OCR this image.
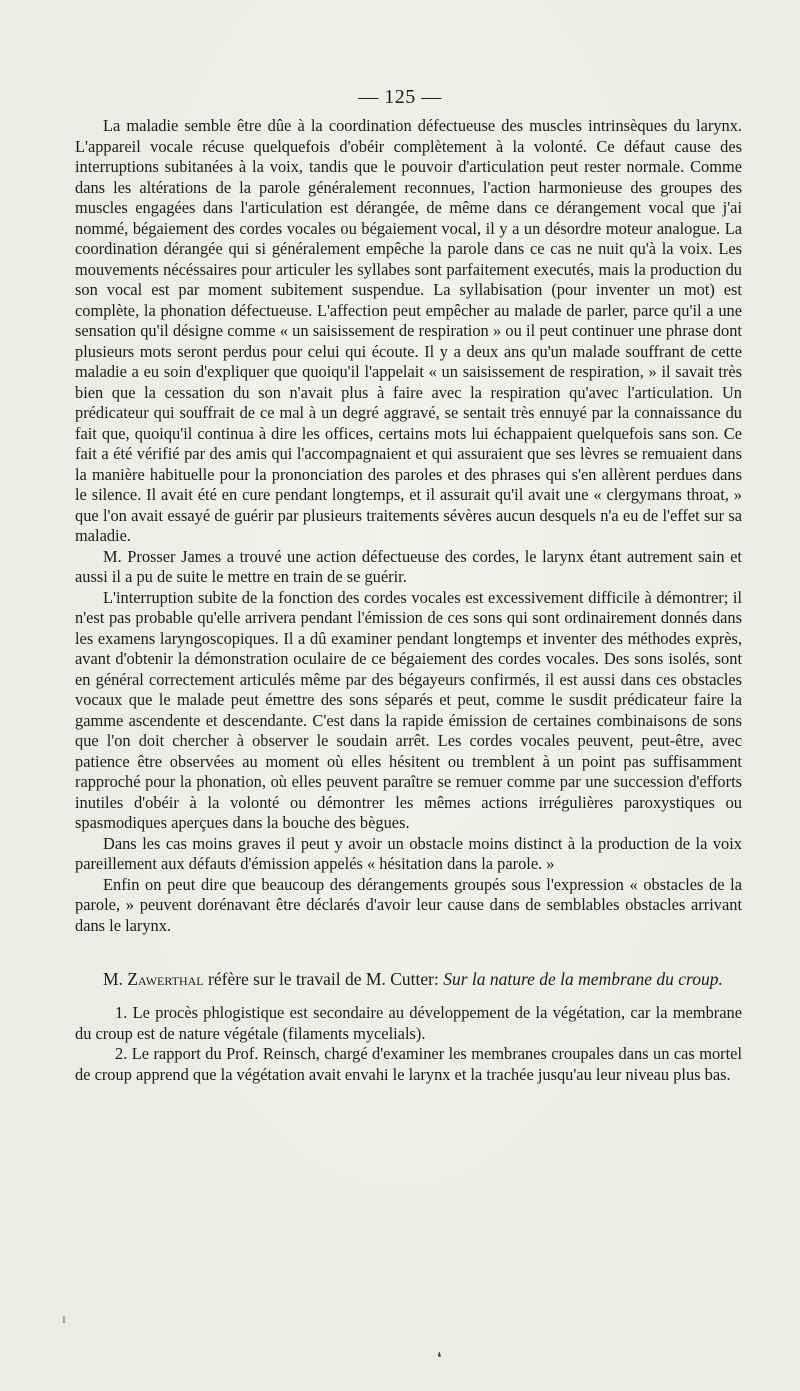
— 125 —

La maladie semble être dûe à la coordination défectueuse des muscles intrinsèques du larynx. L'appareil vocale récuse quelquefois d'obéir complètement à la volonté. Ce défaut cause des interruptions subitanées à la voix, tandis que le pouvoir d'articulation peut rester normale. Comme dans les altérations de la parole généralement reconnues, l'action harmonieuse des groupes des muscles engagées dans l'articulation est dérangée, de même dans ce dérangement vocal que j'ai nommé, bégaiement des cordes vocales ou bégaiement vocal, il y a un désordre moteur analogue. La coordination dérangée qui si généralement empêche la parole dans ce cas ne nuit qu'à la voix. Les mouvements nécéssaires pour articuler les syllabes sont parfaitement executés, mais la production du son vocal est par moment subitement suspendue. La syllabisation (pour inventer un mot) est complète, la phonation défectueuse. L'affection peut empêcher au malade de parler, parce qu'il a une sensation qu'il désigne comme « un saisissement de respiration » ou il peut continuer une phrase dont plusieurs mots seront perdus pour celui qui écoute. Il y a deux ans qu'un malade souffrant de cette maladie a eu soin d'expliquer que quoiqu'il l'appelait « un saisissement de respiration, » il savait très bien que la cessation du son n'avait plus à faire avec la respiration qu'avec l'articulation. Un prédicateur qui souffrait de ce mal à un degré aggravé, se sentait très ennuyé par la connaissance du fait que, quoiqu'il continua à dire les offices, certains mots lui échappaient quelquefois sans son. Ce fait a été vérifié par des amis qui l'accompagnaient et qui assuraient que ses lèvres se remuaient dans la manière habituelle pour la prononciation des paroles et des phrases qui s'en allèrent perdues dans le silence. Il avait été en cure pendant longtemps, et il assurait qu'il avait une « clergymans throat, » que l'on avait essayé de guérir par plusieurs traitements sévères aucun desquels n'a eu de l'effet sur sa maladie.

M. Prosser James a trouvé une action défectueuse des cordes, le larynx étant autrement sain et aussi il a pu de suite le mettre en train de se guérir.

L'interruption subite de la fonction des cordes vocales est excessivement difficile à démontrer; il n'est pas probable qu'elle arrivera pendant l'émission de ces sons qui sont ordinairement donnés dans les examens laryngoscopiques. Il a dû examiner pendant longtemps et inventer des méthodes exprès, avant d'obtenir la démonstration oculaire de ce bégaiement des cordes vocales. Des sons isolés, sont en général correctement articulés même par des bégayeurs confirmés, il est aussi dans ces obstacles vocaux que le malade peut émettre des sons séparés et peut, comme le susdit prédicateur faire la gamme ascendente et descendante. C'est dans la rapide émission de certaines combinaisons de sons que l'on doit chercher à observer le soudain arrêt. Les cordes vocales peuvent, peut-être, avec patience être observées au moment où elles hésitent ou tremblent à un point pas suffisamment rapproché pour la phonation, où elles peuvent paraître se remuer comme par une succession d'efforts inutiles d'obéir à la volonté ou démontrer les mêmes actions irrégulières paroxystiques ou spasmodiques aperçues dans la bouche des bègues.

Dans les cas moins graves il peut y avoir un obstacle moins distinct à la production de la voix pareillement aux défauts d'émission appelés « hésitation dans la parole. »

Enfin on peut dire que beaucoup des dérangements groupés sous l'expression « obstacles de la parole, » peuvent dorénavant être déclarés d'avoir leur cause dans de semblables obstacles arrivant dans le larynx.

M. Zawerthal réfère sur le travail de M. Cutter: Sur la nature de la membrane du croup.

1. Le procès phlogistique est secondaire au développement de la végétation, car la membrane du croup est de nature végétale (filaments mycelials).

2. Le rapport du Prof. Reinsch, chargé d'examiner les membranes croupales dans un cas mortel de croup apprend que la végétation avait envahi le larynx et la trachée jusqu'au leur niveau plus bas.

ɪ
❛
